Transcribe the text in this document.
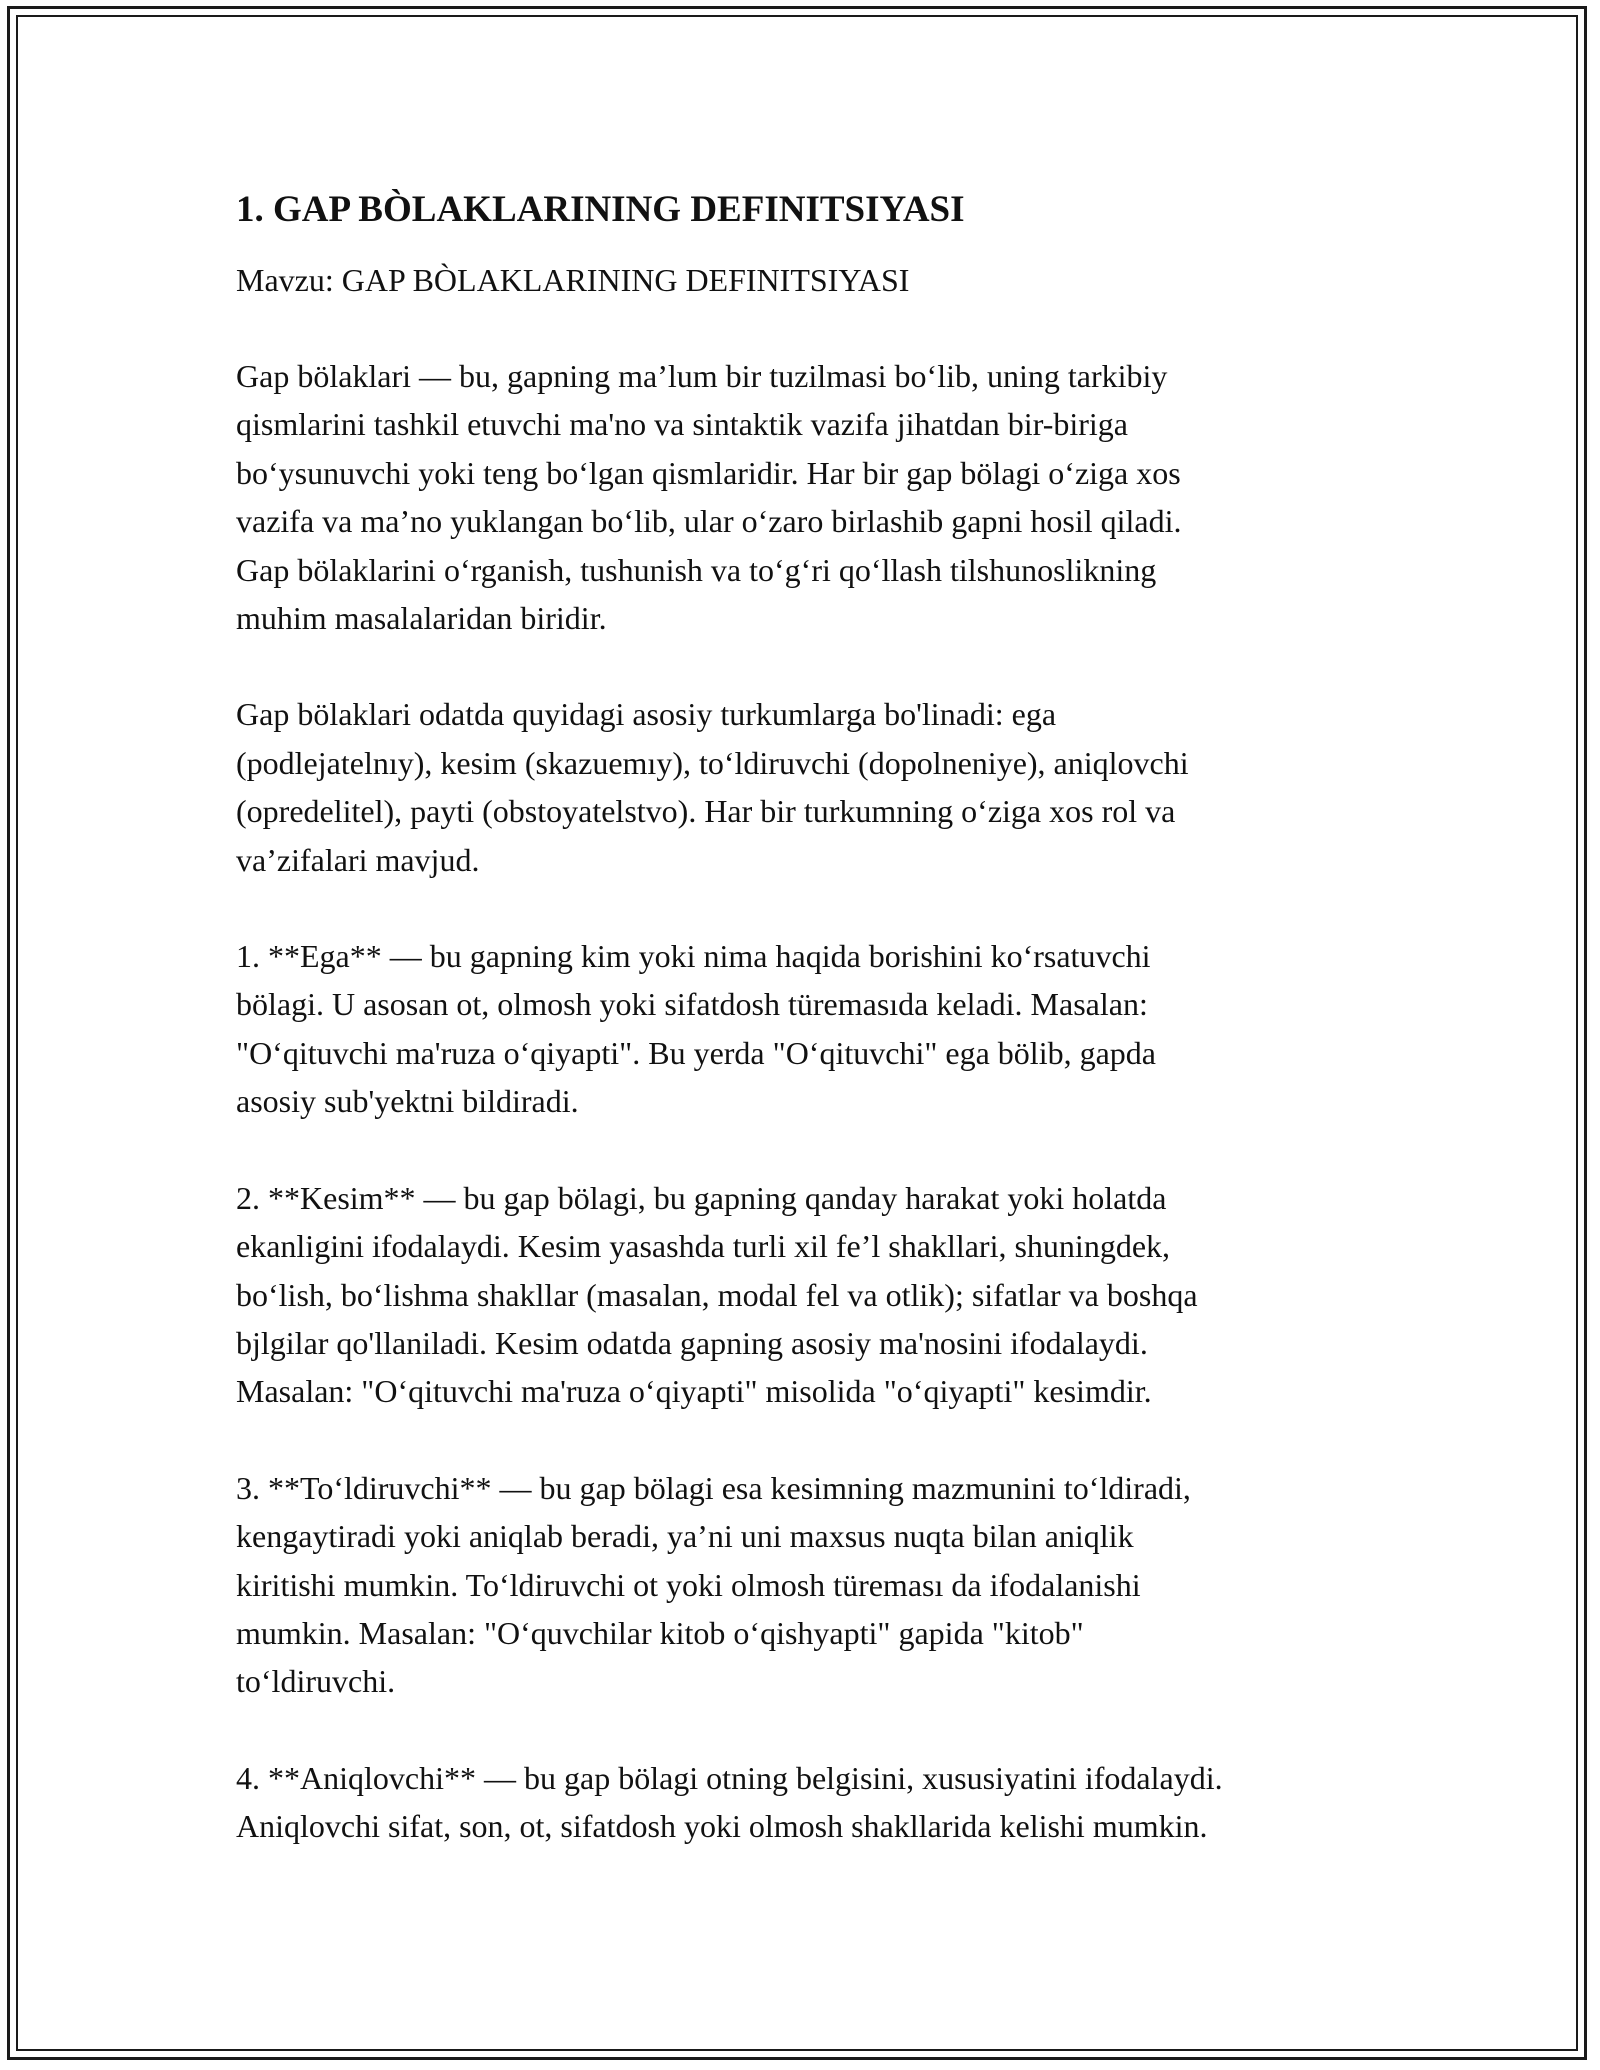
1. GAP BÒLAKLARINING DEFINITSIYASI
Mavzu: GAP BÒLAKLARINING DEFINITSIYASI

Gap bölaklari — bu, gapning ma’lum bir tuzilmasi bo‘lib, uning tarkibiy
qismlarini tashkil etuvchi ma'no va sintaktik vazifa jihatdan bir-biriga
bo‘ysunuvchi yoki teng bo‘lgan qismlaridir. Har bir gap bölagi o‘ziga xos
vazifa va ma’no yuklangan bo‘lib, ular o‘zaro birlashib gapni hosil qiladi.
Gap bölaklarini o‘rganish, tushunish va to‘g‘ri qo‘llash tilshunoslikning
muhim masalalaridan biridir.

Gap bölaklari odatda quyidagi asosiy turkumlarga bo'linadi: ega
(podlejatelnıy), kesim (skazuemıy), to‘ldiruvchi (dopolneniye), aniqlovchi
(opredelitel), payti (obstoyatelstvo). Har bir turkumning o‘ziga xos rol va
va’zifalari mavjud.

1. **Ega** — bu gapning kim yoki nima haqida borishini ko‘rsatuvchi
bölagi. U asosan ot, olmosh yoki sifatdosh türemasıda keladi. Masalan:
"O‘qituvchi ma'ruza o‘qiyapti". Bu yerda "O‘qituvchi" ega bölib, gapda
asosiy sub'yektni bildiradi.

2. **Kesim** — bu gap bölagi, bu gapning qanday harakat yoki holatda
ekanligini ifodalaydi. Kesim yasashda turli xil fe’l shakllari, shuningdek,
bo‘lish, bo‘lishma shakllar (masalan, modal fel va otlik); sifatlar va boshqa
bjlgilar qo'llaniladi. Kesim odatda gapning asosiy ma'nosini ifodalaydi.
Masalan: "O‘qituvchi ma'ruza o‘qiyapti" misolida "o‘qiyapti" kesimdir.

3. **To‘ldiruvchi** — bu gap bölagi esa kesimning mazmunini to‘ldiradi,
kengaytiradi yoki aniqlab beradi, ya’ni uni maxsus nuqta bilan aniqlik
kiritishi mumkin. To‘ldiruvchi ot yoki olmosh türeması da ifodalanishi
mumkin. Masalan: "O‘quvchilar kitob o‘qishyapti" gapida "kitob"
to‘ldiruvchi.

4. **Aniqlovchi** — bu gap bölagi otning belgisini, xususiyatini ifodalaydi.
Aniqlovchi sifat, son, ot, sifatdosh yoki olmosh shakllarida kelishi mumkin.
